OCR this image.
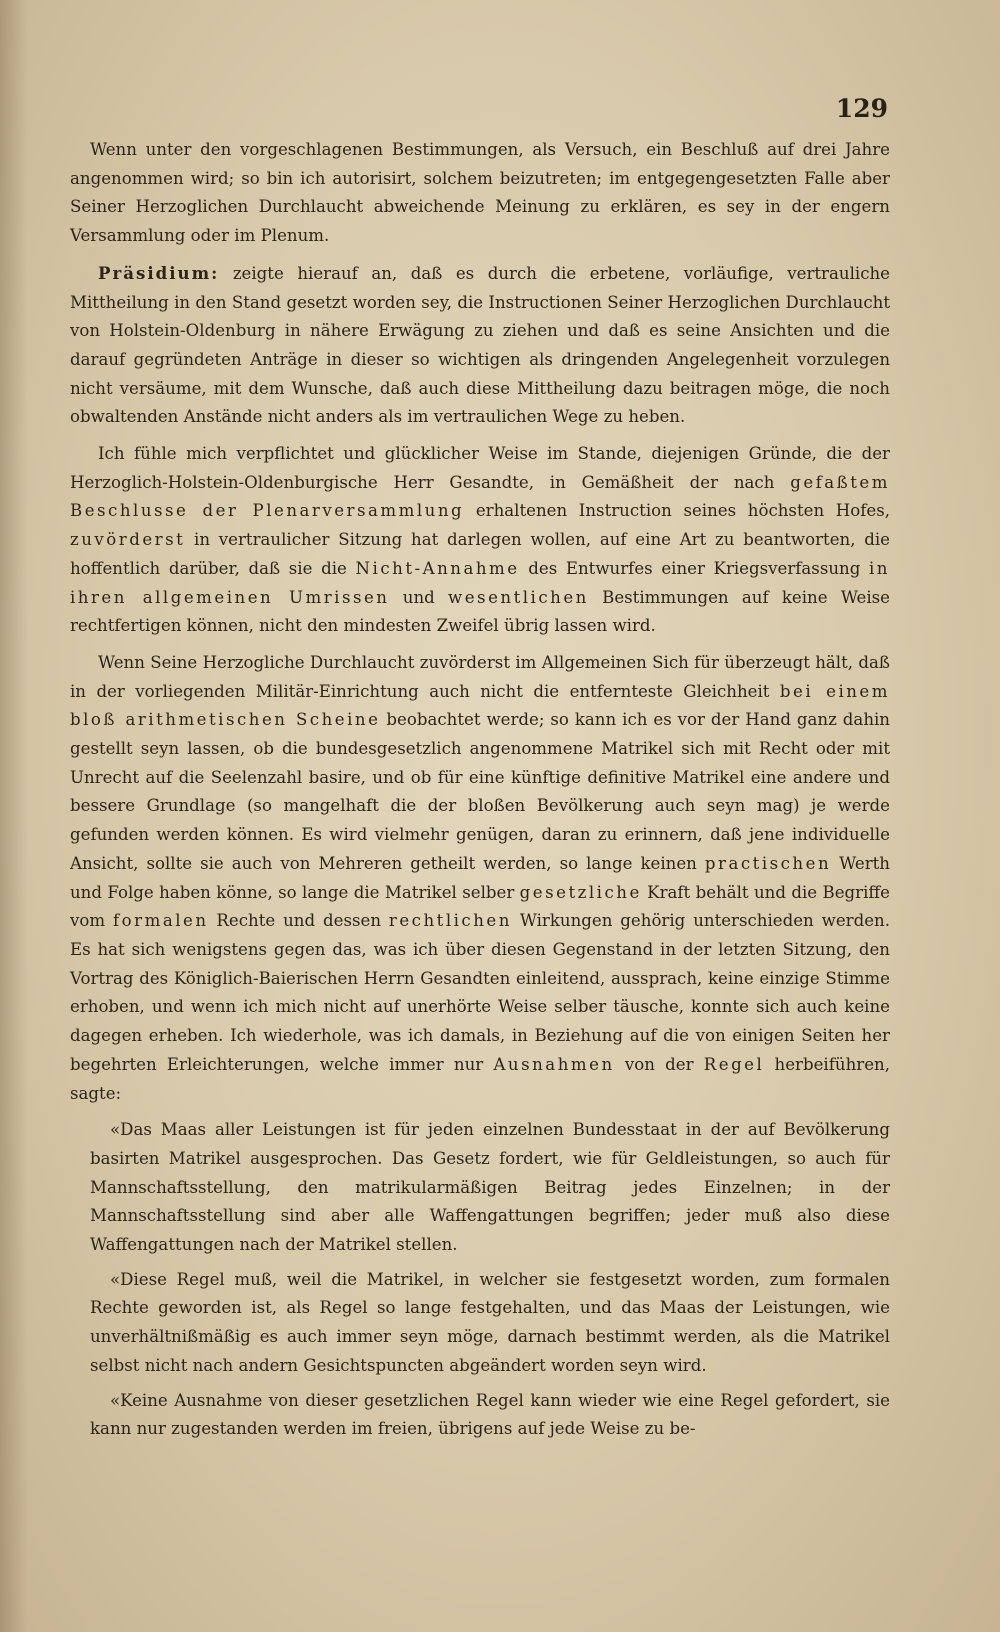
129

Wenn unter den vorgeschlagenen Bestimmungen, als Versuch, ein Beschluß auf drei Jahre angenommen wird; so bin ich autorisirt, solchem beizutreten; im entgegengesetzten Falle aber Seiner Herzoglichen Durchlaucht abweichende Meinung zu erklären, es sey in der engern Versammlung oder im Plenum.

Präsidium: zeigte hierauf an, daß es durch die erbetene, vorläufige, vertrauliche Mittheilung in den Stand gesetzt worden sey, die Instructionen Seiner Herzoglichen Durchlaucht von Holstein-Oldenburg in nähere Erwägung zu ziehen und daß es seine Ansichten und die darauf gegründeten Anträge in dieser so wichtigen als dringenden Angelegenheit vorzulegen nicht versäume, mit dem Wunsche, daß auch diese Mittheilung dazu beitragen möge, die noch obwaltenden Anstände nicht anders als im vertraulichen Wege zu heben.

Ich fühle mich verpflichtet und glücklicher Weise im Stande, diejenigen Gründe, die der Herzoglich-Holstein-Oldenburgische Herr Gesandte, in Gemäßheit der nach gefaßtem Beschlusse der Plenarversammlung erhaltenen Instruction seines höchsten Hofes, zuvörderst in vertraulicher Sitzung hat darlegen wollen, auf eine Art zu beantworten, die hoffentlich darüber, daß sie die Nicht-Annahme des Entwurfes einer Kriegsverfassung in ihren allgemeinen Umrissen und wesentlichen Bestimmungen auf keine Weise rechtfertigen können, nicht den mindesten Zweifel übrig lassen wird.

Wenn Seine Herzogliche Durchlaucht zuvörderst im Allgemeinen Sich für überzeugt hält, daß in der vorliegenden Militär-Einrichtung auch nicht die entfernteste Gleichheit bei einem bloß arithmetischen Scheine beobachtet werde; so kann ich es vor der Hand ganz dahin gestellt seyn lassen, ob die bundesgesetzlich angenommene Matrikel sich mit Recht oder mit Unrecht auf die Seelenzahl basire, und ob für eine künftige definitive Matrikel eine andere und bessere Grundlage (so mangelhaft die der bloßen Bevölkerung auch seyn mag) je werde gefunden werden können. Es wird vielmehr genügen, daran zu erinnern, daß jene individuelle Ansicht, sollte sie auch von Mehreren getheilt werden, so lange keinen practischen Werth und Folge haben könne, so lange die Matrikel selber gesetzliche Kraft behält und die Begriffe vom formalen Rechte und dessen rechtlichen Wirkungen gehörig unterschieden werden. Es hat sich wenigstens gegen das, was ich über diesen Gegenstand in der letzten Sitzung, den Vortrag des Königlich-Baierischen Herrn Gesandten einleitend, aussprach, keine einzige Stimme erhoben, und wenn ich mich nicht auf unerhörte Weise selber täusche, konnte sich auch keine dagegen erheben. Ich wiederhole, was ich damals, in Beziehung auf die von einigen Seiten her begehrten Erleichterungen, welche immer nur Ausnahmen von der Regel herbeiführen, sagte:

«Das Maas aller Leistungen ist für jeden einzelnen Bundesstaat in der auf Bevölkerung basirten Matrikel ausgesprochen. Das Gesetz fordert, wie für Geldleistungen, so auch für Mannschaftsstellung, den matrikularmäßigen Beitrag jedes Einzelnen; in der Mannschaftsstellung sind aber alle Waffengattungen begriffen; jeder muß also diese Waffengattungen nach der Matrikel stellen.

«Diese Regel muß, weil die Matrikel, in welcher sie festgesetzt worden, zum formalen Rechte geworden ist, als Regel so lange festgehalten, und das Maas der Leistungen, wie unverhältnißmäßig es auch immer seyn möge, darnach bestimmt werden, als die Matrikel selbst nicht nach andern Gesichtspuncten abgeändert worden seyn wird.

«Keine Ausnahme von dieser gesetzlichen Regel kann wieder wie eine Regel gefordert, sie kann nur zugestanden werden im freien, übrigens auf jede Weise zu be-
